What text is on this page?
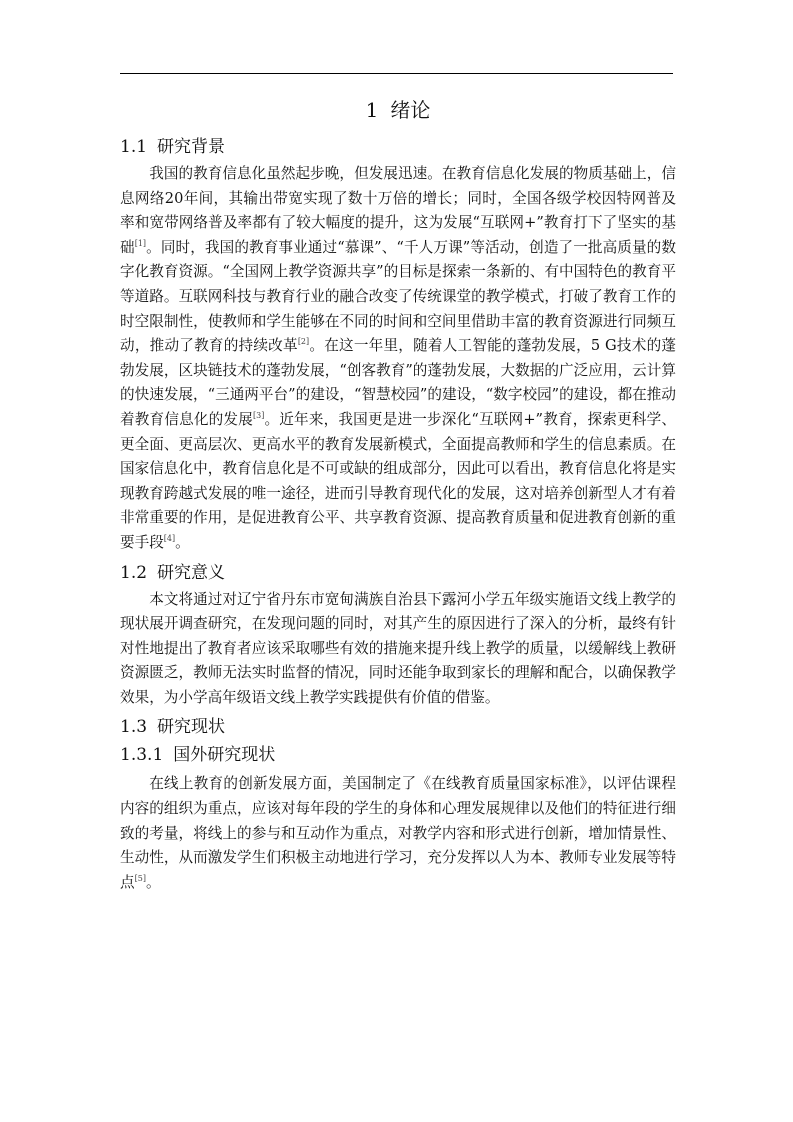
1 绪论
1.1 研究背景

我国的教育信息化虽然起步晚，但发展迅速。在教育信息化发展的物质基础上，信息网络20年间，其输出带宽实现了数十万倍的增长；同时，全国各级学校因特网普及率和宽带网络普及率都有了较大幅度的提升，这为发展“互联网+”教育打下了坚实的基础[1]。同时，我国的教育事业通过“慕课”、“千人万课”等活动，创造了一批高质量的数字化教育资源。“全国网上教学资源共享”的目标是探索一条新的、有中国特色的教育平等道路。互联网科技与教育行业的融合改变了传统课堂的教学模式，打破了教育工作的时空限制性，使教师和学生能够在不同的时间和空间里借助丰富的教育资源进行同频互动，推动了教育的持续改革[2]。在这一年里，随着人工智能的蓬勃发展，5 G技术的蓬勃发展，区块链技术的蓬勃发展，“创客教育”的蓬勃发展，大数据的广泛应用，云计算的快速发展，“三通两平台”的建设，“智慧校园”的建设，“数字校园”的建设，都在推动着教育信息化的发展[3]。近年来，我国更是进一步深化“互联网+”教育，探索更科学、更全面、更高层次、更高水平的教育发展新模式，全面提高教师和学生的信息素质。在国家信息化中，教育信息化是不可或缺的组成部分，因此可以看出，教育信息化将是实现教育跨越式发展的唯一途径，进而引导教育现代化的发展，这对培养创新型人才有着非常重要的作用，是促进教育公平、共享教育资源、提高教育质量和促进教育创新的重要手段[4]。

1.2 研究意义

本文将通过对辽宁省丹东市宽甸满族自治县下露河小学五年级实施语文线上教学的现状展开调查研究，在发现问题的同时，对其产生的原因进行了深入的分析，最终有针对性地提出了教育者应该采取哪些有效的措施来提升线上教学的质量，以缓解线上教研资源匮乏，教师无法实时监督的情况，同时还能争取到家长的理解和配合，以确保教学效果，为小学高年级语文线上教学实践提供有价值的借鉴。

1.3 研究现状
1.3.1 国外研究现状

在线上教育的创新发展方面，美国制定了《在线教育质量国家标准》，以评估课程内容的组织为重点，应该对每年段的学生的身体和心理发展规律以及他们的特征进行细致的考量，将线上的参与和互动作为重点，对教学内容和形式进行创新，增加情景性、生动性，从而激发学生们积极主动地进行学习，充分发挥以人为本、教师专业发展等特点[5]。
